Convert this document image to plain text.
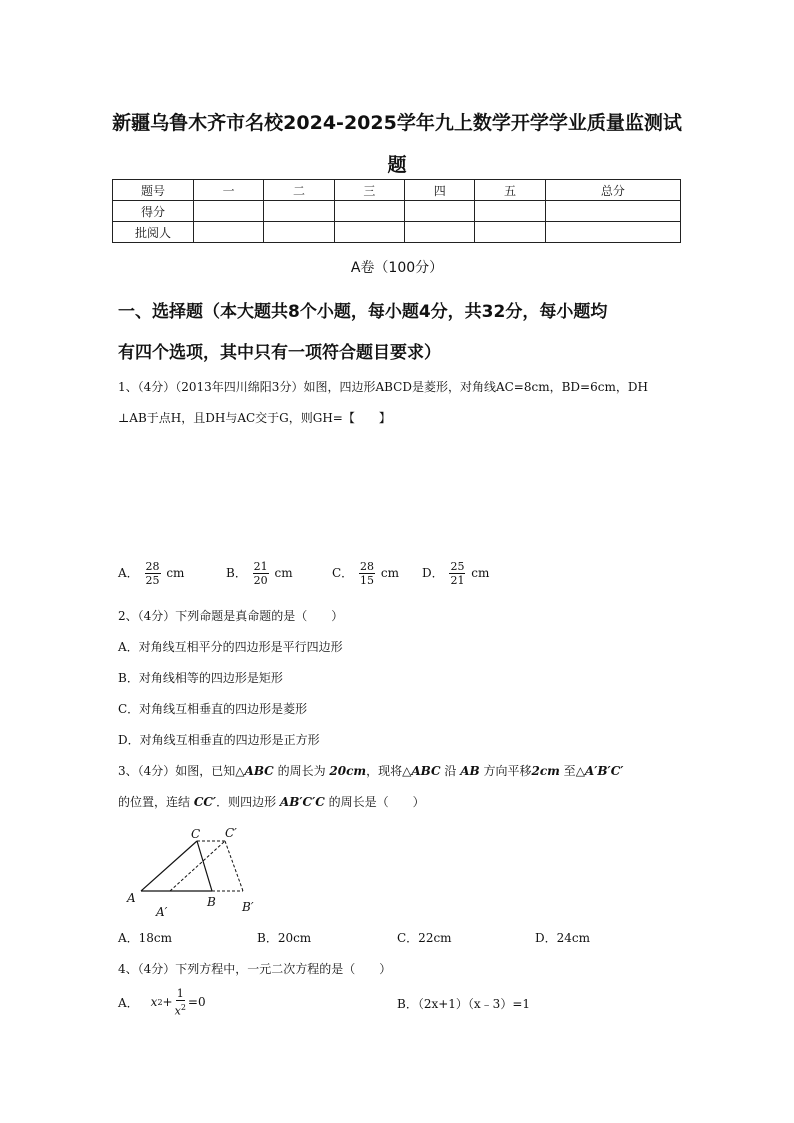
新疆乌鲁木齐市名校2024-2025学年九上数学开学学业质量监测试
题
题号	一	二	三	四	五	总分
得分						
批阅人						
A卷（100分）
一、选择题（本大题共8个小题，每小题4分，共32分，每小题均
有四个选项，其中只有一项符合题目要求）
1、（4分）（2013年四川绵阳3分）如图，四边形ABCD是菱形，对角线AC=8cm，BD=6cm，DH
⊥AB于点H，且DH与AC交于G，则GH=【　　】
A． $\frac{28}{25}$ cm	B． $\frac{21}{20}$ cm	C． $\frac{28}{15}$ cm D． $\frac{25}{21}$ cm
2、（4分）下列命题是真命题的是（　　）
A．对角线互相平分的四边形是平行四边形
B．对角线相等的四边形是矩形
C．对角线互相垂直的四边形是菱形
D．对角线互相垂直的四边形是正方形
3、（4分）如图，已知△ABC 的周长为 20cm，现将△ABC 沿 AB 方向平移2cm 至△A′B′C′
的位置，连结 CC′．则四边形 AB′C′C 的周长是（　　）
A
A′
B B′
C C′
A．18cm	B．20cm	C．22cm	D．24cm
4、（4分）下列方程中，一元二次方程的是（　　）
A． x $2 + \frac{1}{x^2} =0$	B．（2x+1）（x﹣3）=1
